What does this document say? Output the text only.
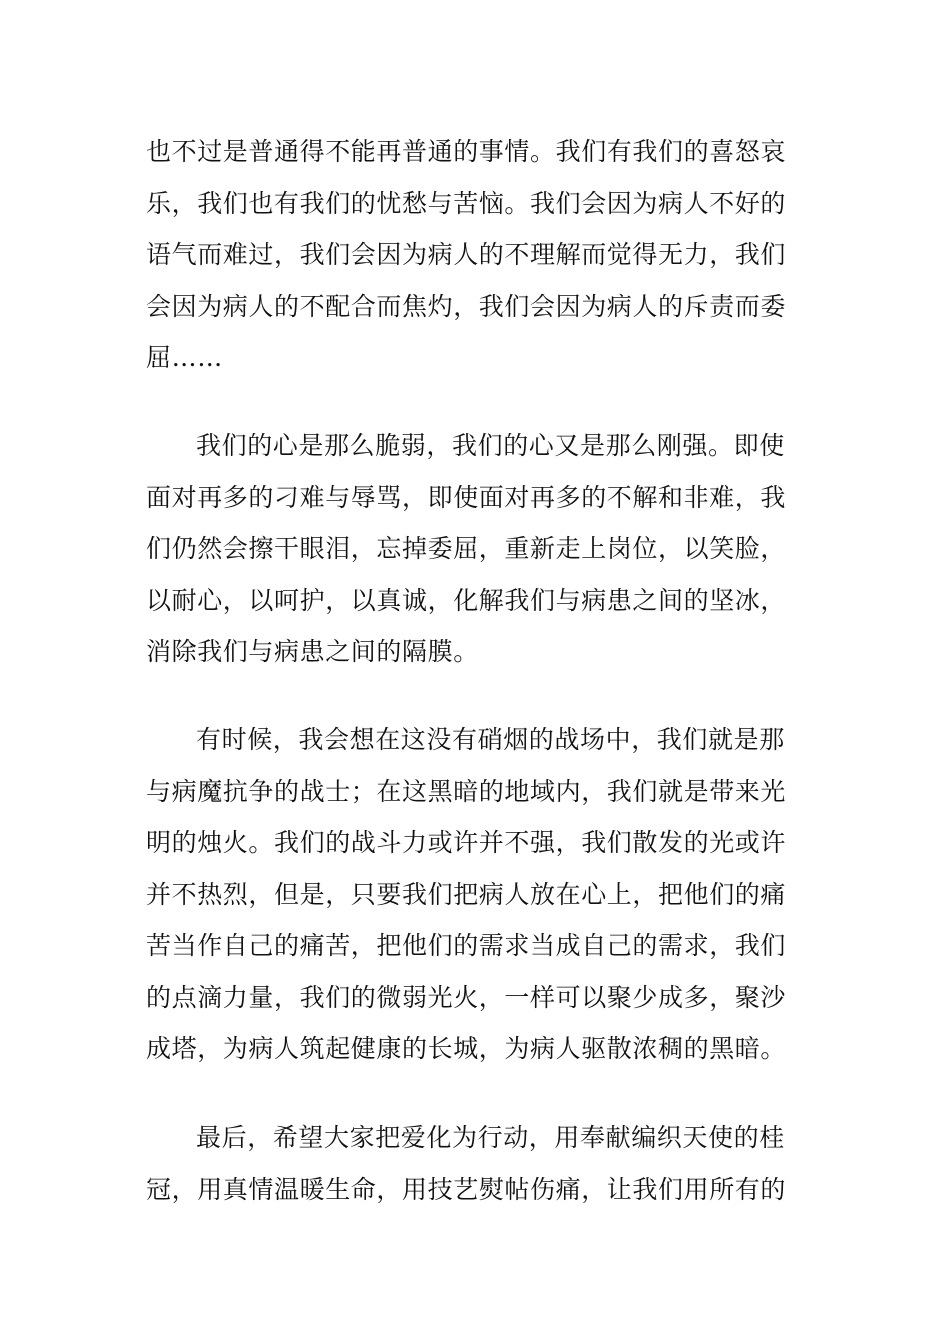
也不过是普通得不能再普通的事情。我们有我们的喜怒哀
乐，我们也有我们的忧愁与苦恼。我们会因为病人不好的
语气而难过，我们会因为病人的不理解而觉得无力，我们
会因为病人的不配合而焦灼，我们会因为病人的斥责而委
屈……
我们的心是那么脆弱，我们的心又是那么刚强。即使
面对再多的刁难与辱骂，即使面对再多的不解和非难，我
们仍然会擦干眼泪，忘掉委屈，重新走上岗位，以笑脸，
以耐心，以呵护，以真诚，化解我们与病患之间的坚冰，
消除我们与病患之间的隔膜。
有时候，我会想在这没有硝烟的战场中，我们就是那
与病魔抗争的战士；在这黑暗的地域内，我们就是带来光
明的烛火。我们的战斗力或许并不强，我们散发的光或许
并不热烈，但是，只要我们把病人放在心上，把他们的痛
苦当作自己的痛苦，把他们的需求当成自己的需求，我们
的点滴力量，我们的微弱光火，一样可以聚少成多，聚沙
成塔，为病人筑起健康的长城，为病人驱散浓稠的黑暗。
最后，希望大家把爱化为行动，用奉献编织天使的桂
冠，用真情温暖生命，用技艺熨帖伤痛，让我们用所有的
